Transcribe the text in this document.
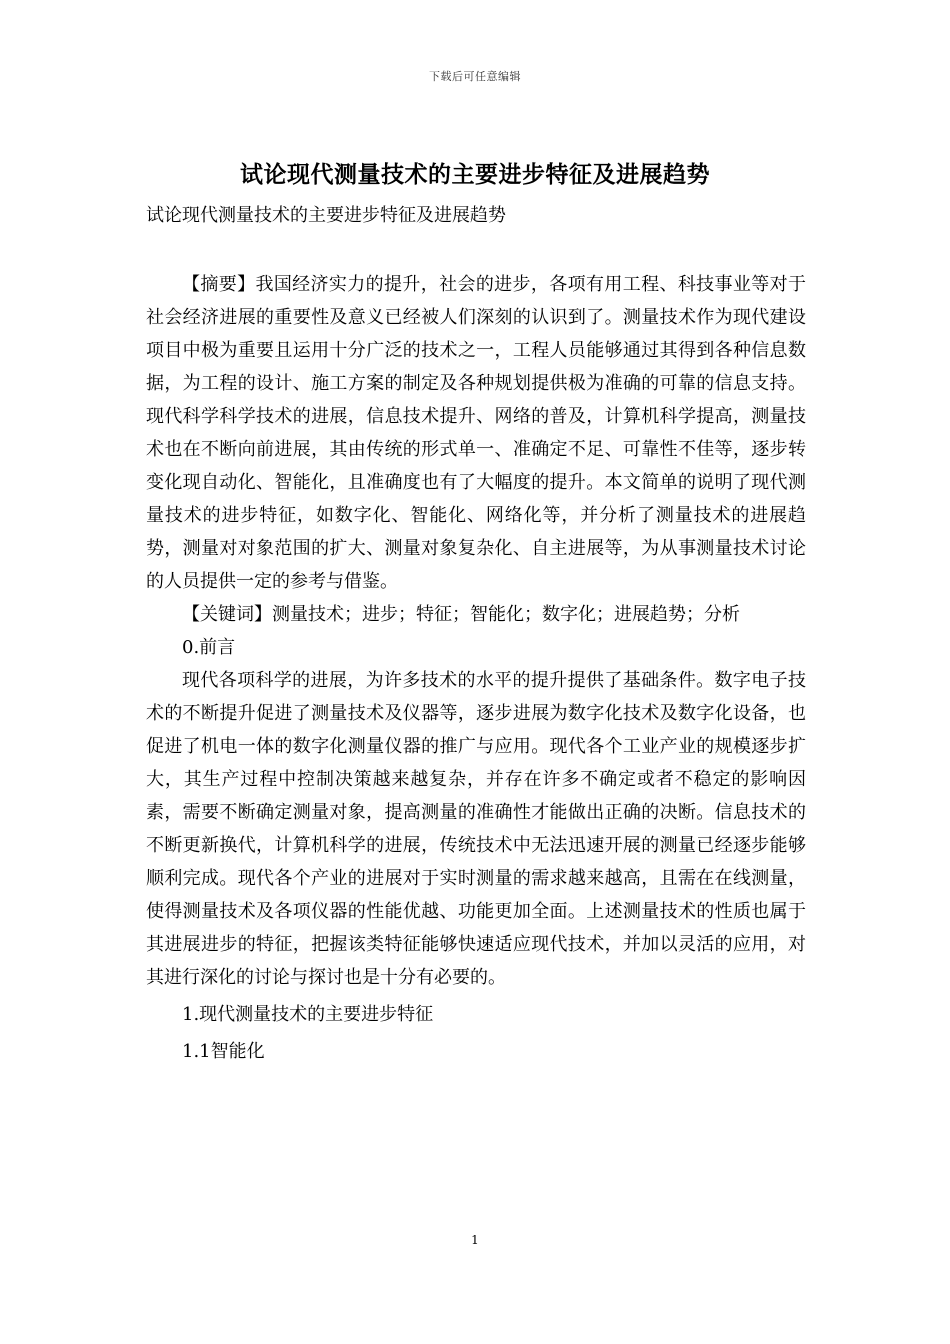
下载后可任意编辑
试论现代测量技术的主要进步特征及进展趋势
试论现代测量技术的主要进步特征及进展趋势

【摘要】我国经济实力的提升，社会的进步，各项有用工程、科技事业等对于社会经济进展的重要性及意义已经被人们深刻的认识到了。测量技术作为现代建设项目中极为重要且运用十分广泛的技术之一，工程人员能够通过其得到各种信息数据，为工程的设计、施工方案的制定及各种规划提供极为准确的可靠的信息支持。现代科学科学技术的进展，信息技术提升、网络的普及，计算机科学提高，测量技术也在不断向前进展，其由传统的形式单一、准确定不足、可靠性不佳等，逐步转变化现自动化、智能化，且准确度也有了大幅度的提升。本文简单的说明了现代测量技术的进步特征，如数字化、智能化、网络化等，并分析了测量技术的进展趋势，测量对对象范围的扩大、测量对象复杂化、自主进展等，为从事测量技术讨论的人员提供一定的参考与借鉴。

【关键词】测量技术；进步；特征；智能化；数字化；进展趋势；分析

0.前言

现代各项科学的进展，为许多技术的水平的提升提供了基础条件。数字电子技术的不断提升促进了测量技术及仪器等，逐步进展为数字化技术及数字化设备，也促进了机电一体的数字化测量仪器的推广与应用。现代各个工业产业的规模逐步扩大，其生产过程中控制决策越来越复杂，并存在许多不确定或者不稳定的影响因素，需要不断确定测量对象，提高测量的准确性才能做出正确的决断。信息技术的不断更新换代，计算机科学的进展，传统技术中无法迅速开展的测量已经逐步能够顺利完成。现代各个产业的进展对于实时测量的需求越来越高，且需在在线测量，使得测量技术及各项仪器的性能优越、功能更加全面。上述测量技术的性质也属于其进展进步的特征，把握该类特征能够快速适应现代技术，并加以灵活的应用，对其进行深化的讨论与探讨也是十分有必要的。

1.现代测量技术的主要进步特征

1.1智能化

1
